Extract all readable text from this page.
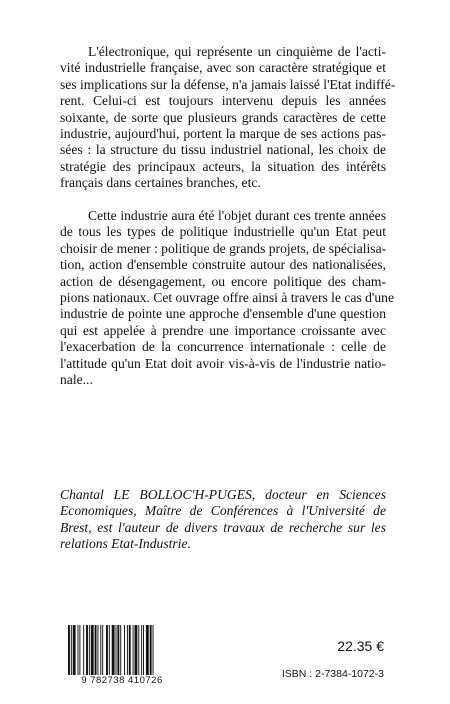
L'électronique, qui représente un cinquième de l'acti-
vité industrielle française, avec son caractère stratégique et
ses implications sur la défense, n'a jamais laissé l'Etat indiffé-
rent. Celui-ci est toujours intervenu depuis les années
soixante, de sorte que plusieurs grands caractères de cette
industrie, aujourd'hui, portent la marque de ses actions pas-
sées : la structure du tissu industriel national, les choix de
stratégie des principaux acteurs, la situation des intérêts
français dans certaines branches, etc.
Cette industrie aura été l'objet durant ces trente années
de tous les types de politique industrielle qu'un Etat peut
choisir de mener : politique de grands projets, de spécialisa-
tion, action d'ensemble construite autour des nationalisées,
action de désengagement, ou encore politique des cham-
pions nationaux. Cet ouvrage offre ainsi à travers le cas d'une
industrie de pointe une approche d'ensemble d'une question
qui est appelée à prendre une importance croissante avec
l'exacerbation de la concurrence internationale : celle de
l'attitude qu'un Etat doit avoir vis-à-vis de l'industrie natio-
nale...
Chantal LE BOLLOC'H-PUGES, docteur en Sciences
Economiques, Maître de Conférences à l'Université de
Brest, est l'auteur de divers travaux de recherche sur les
relations Etat-Industrie.
9 782738 410726
22.35 €
ISBN : 2-7384-1072-3
